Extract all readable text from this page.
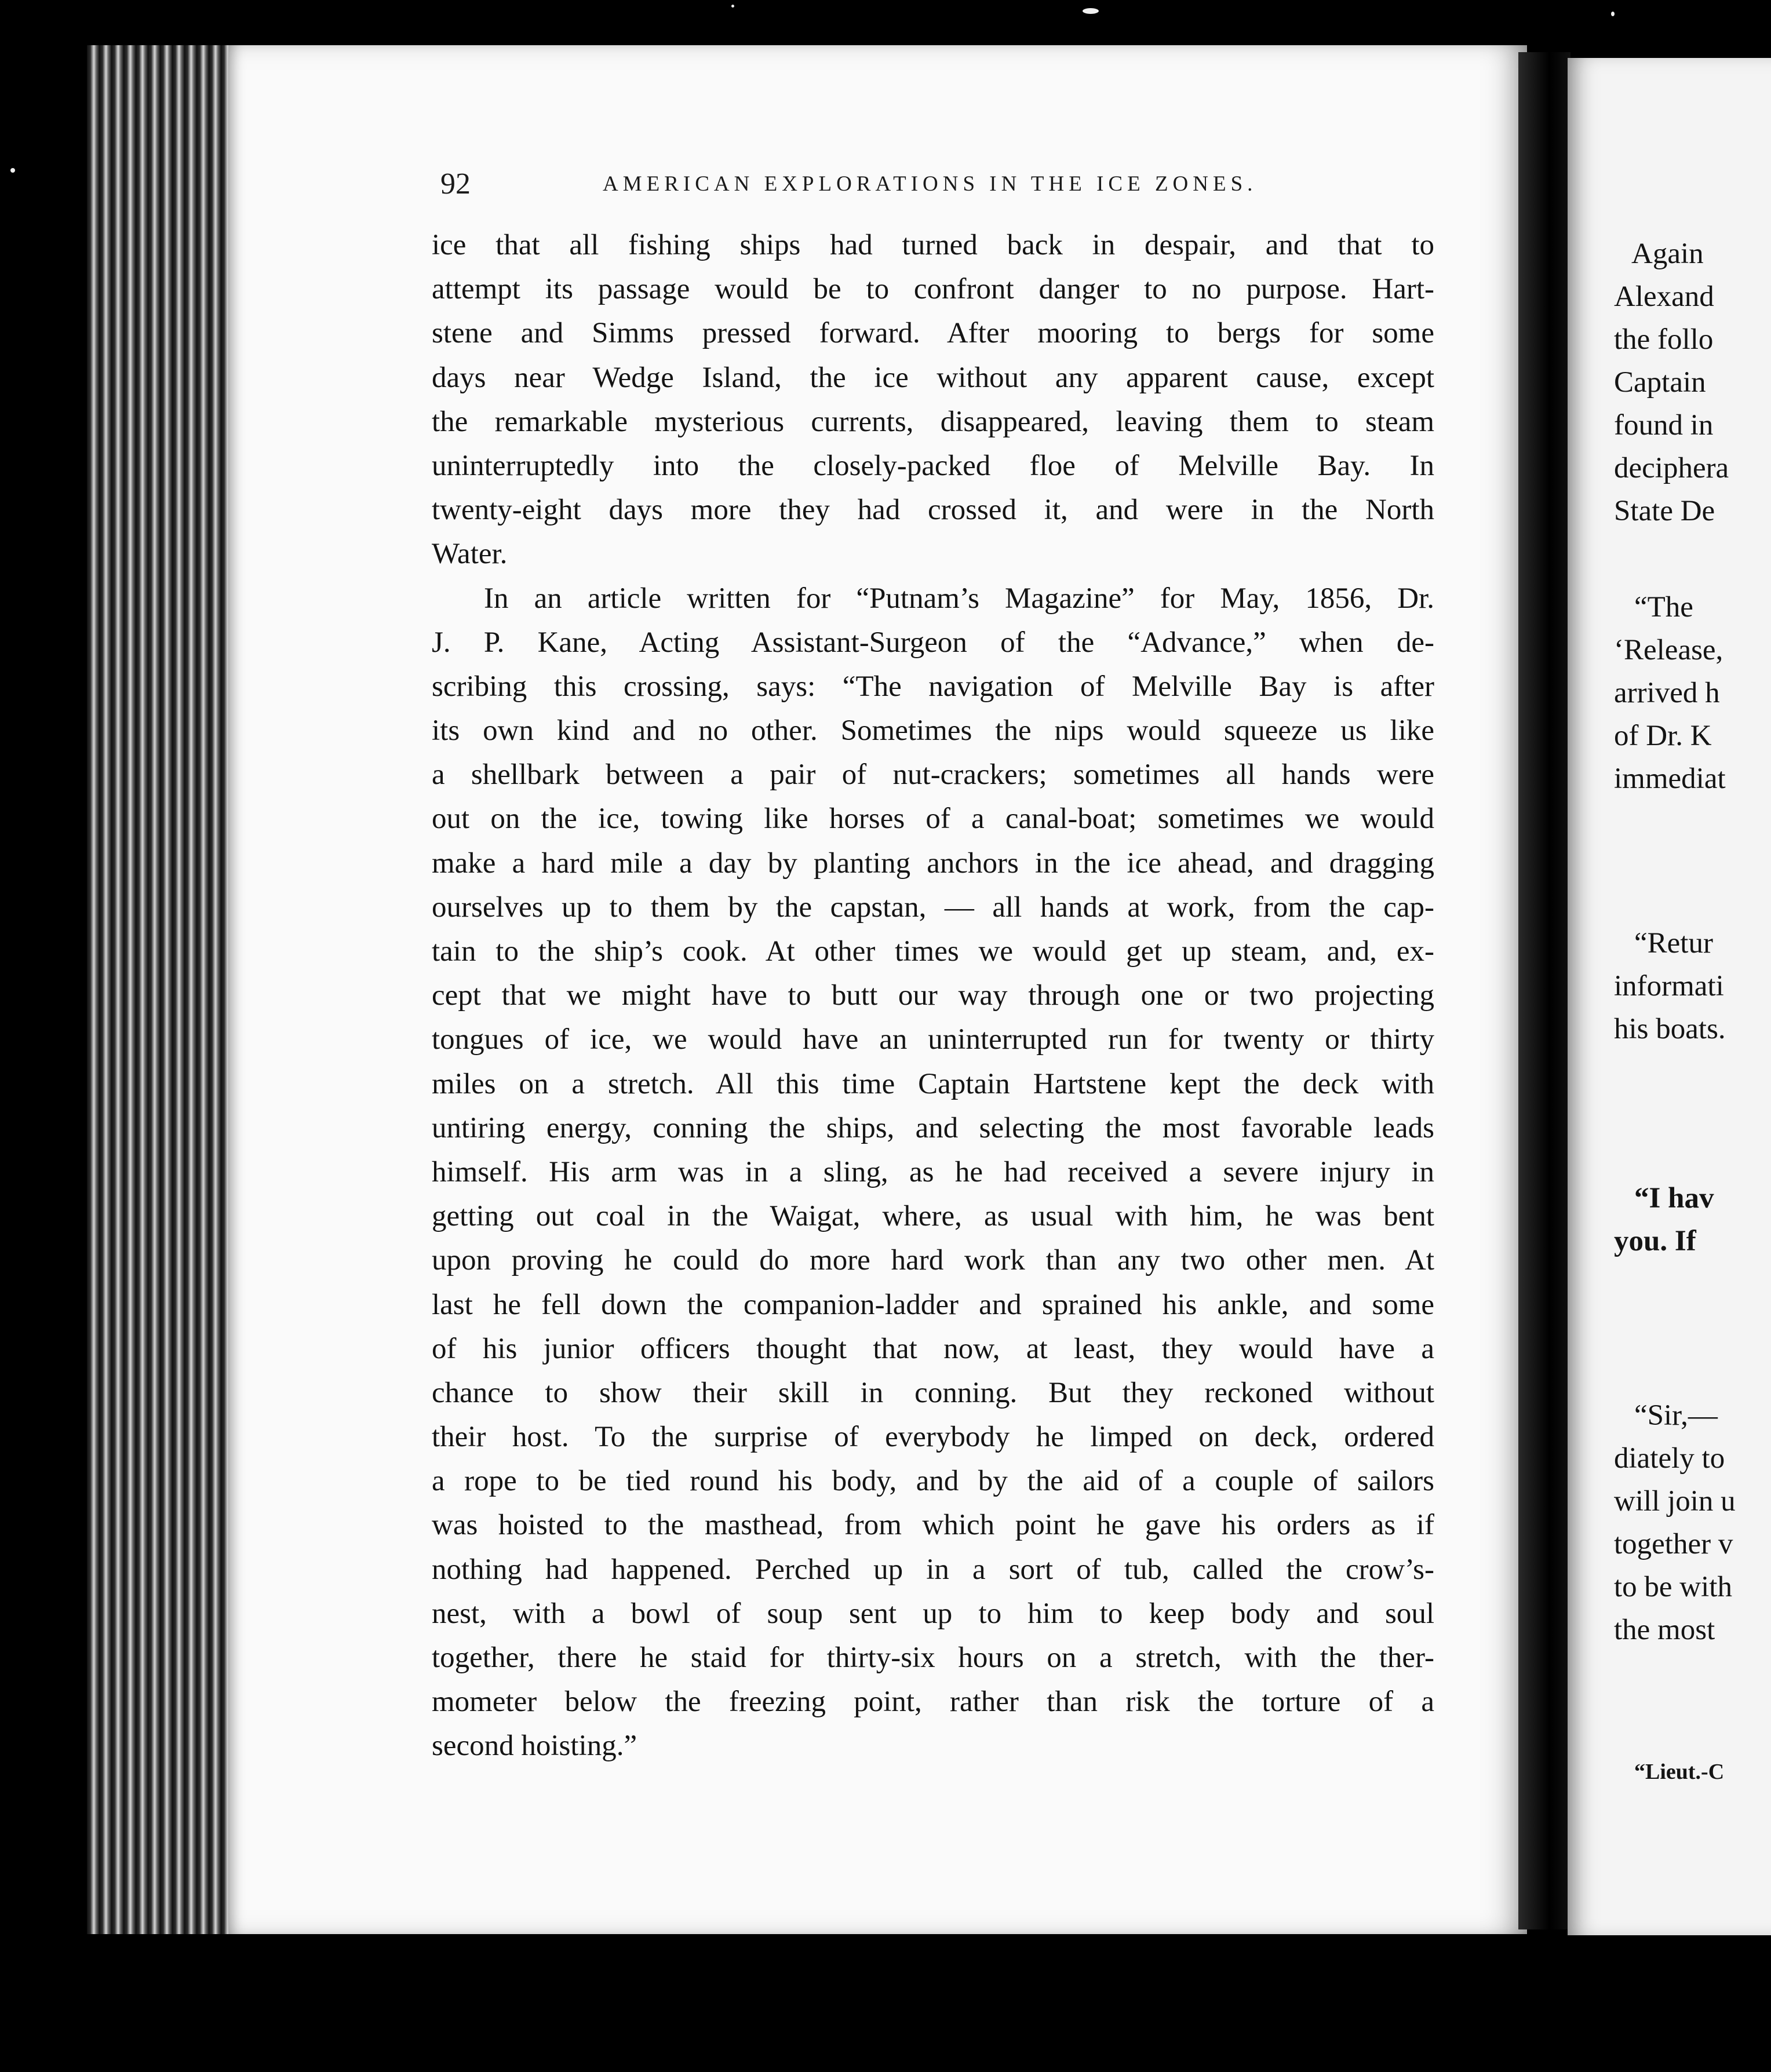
92	AMERICAN EXPLORATIONS IN THE ICE ZONES.
ice that all fishing ships had turned back in despair, and that to
attempt its passage would be to confront danger to no purpose. Hart-
stene and Simms pressed forward. After mooring to bergs for some
days near Wedge Island, the ice without any apparent cause, except
the remarkable mysterious currents, disappeared, leaving them to steam
uninterruptedly into the closely-packed floe of Melville Bay. In
twenty-eight days more they had crossed it, and were in the North
Water.
In an article written for “Putnam’s Magazine” for May, 1856, Dr.
J. P. Kane, Acting Assistant-Surgeon of the “Advance,” when de-
scribing this crossing, says: “The navigation of Melville Bay is after
its own kind and no other. Sometimes the nips would squeeze us like
a shellbark between a pair of nut-crackers; sometimes all hands were
out on the ice, towing like horses of a canal-boat; sometimes we would
make a hard mile a day by planting anchors in the ice ahead, and dragging
ourselves up to them by the capstan, — all hands at work, from the cap-
tain to the ship’s cook. At other times we would get up steam, and, ex-
cept that we might have to butt our way through one or two projecting
tongues of ice, we would have an uninterrupted run for twenty or thirty
miles on a stretch. All this time Captain Hartstene kept the deck with
untiring energy, conning the ships, and selecting the most favorable leads
himself. His arm was in a sling, as he had received a severe injury in
getting out coal in the Waigat, where, as usual with him, he was bent
upon proving he could do more hard work than any two other men. At
last he fell down the companion-ladder and sprained his ankle, and some
of his junior officers thought that now, at least, they would have a
chance to show their skill in conning. But they reckoned without
their host. To the surprise of everybody he limped on deck, ordered
a rope to be tied round his body, and by the aid of a couple of sailors
was hoisted to the masthead, from which point he gave his orders as if
nothing had happened. Perched up in a sort of tub, called the crow’s-
nest, with a bowl of soup sent up to him to keep body and soul
together, there he staid for thirty-six hours on a stretch, with the ther-
mometer below the freezing point, rather than risk the torture of a
second hoisting.”
Again
Alexand
the follo
Captain
found in
deciphera
State De
“The
‘Release,
arrived h
of Dr. K
immediat
“Retur
informati
his boats.
“I hav
you. If
“Sir,—
diately to
will join u
together v
to be with
the most
“Lieut.-C
